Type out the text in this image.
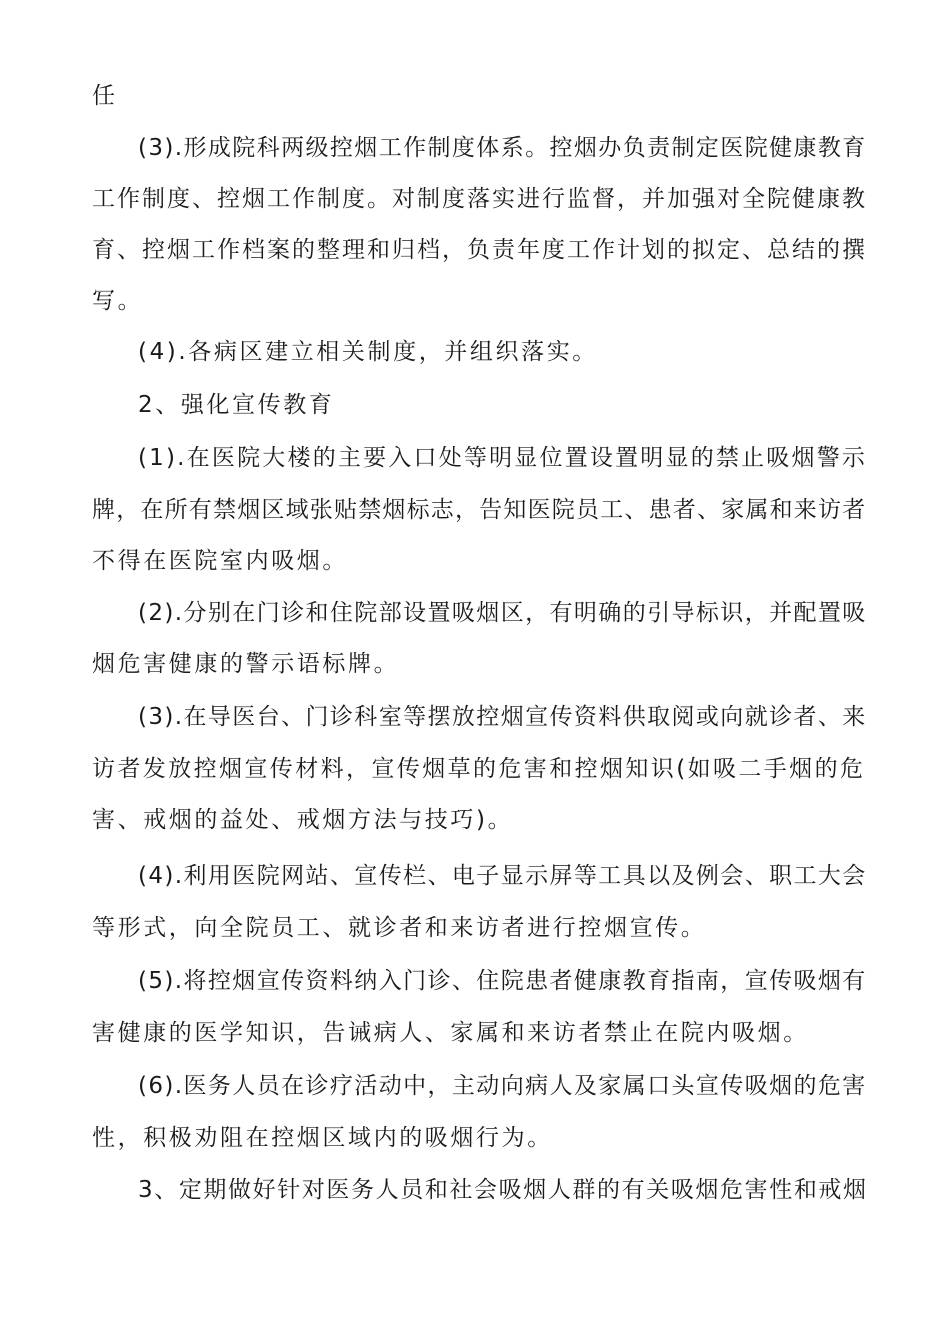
任
(3).形成院科两级控烟工作制度体系。控烟办负责制定医院健康教育
工作制度、控烟工作制度。对制度落实进行监督，并加强对全院健康教
育、控烟工作档案的整理和归档，负责年度工作计划的拟定、总结的撰
写。
(4).各病区建立相关制度，并组织落实。
2、强化宣传教育
(1).在医院大楼的主要入口处等明显位置设置明显的禁止吸烟警示
牌，在所有禁烟区域张贴禁烟标志，告知医院员工、患者、家属和来访者
不得在医院室内吸烟。
(2).分别在门诊和住院部设置吸烟区，有明确的引导标识，并配置吸
烟危害健康的警示语标牌。
(3).在导医台、门诊科室等摆放控烟宣传资料供取阅或向就诊者、来
访者发放控烟宣传材料，宣传烟草的危害和控烟知识(如吸二手烟的危
害、戒烟的益处、戒烟方法与技巧)。
(4).利用医院网站、宣传栏、电子显示屏等工具以及例会、职工大会
等形式，向全院员工、就诊者和来访者进行控烟宣传。
(5).将控烟宣传资料纳入门诊、住院患者健康教育指南，宣传吸烟有
害健康的医学知识，告诫病人、家属和来访者禁止在院内吸烟。
(6).医务人员在诊疗活动中，主动向病人及家属口头宣传吸烟的危害
性，积极劝阻在控烟区域内的吸烟行为。
3、定期做好针对医务人员和社会吸烟人群的有关吸烟危害性和戒烟
